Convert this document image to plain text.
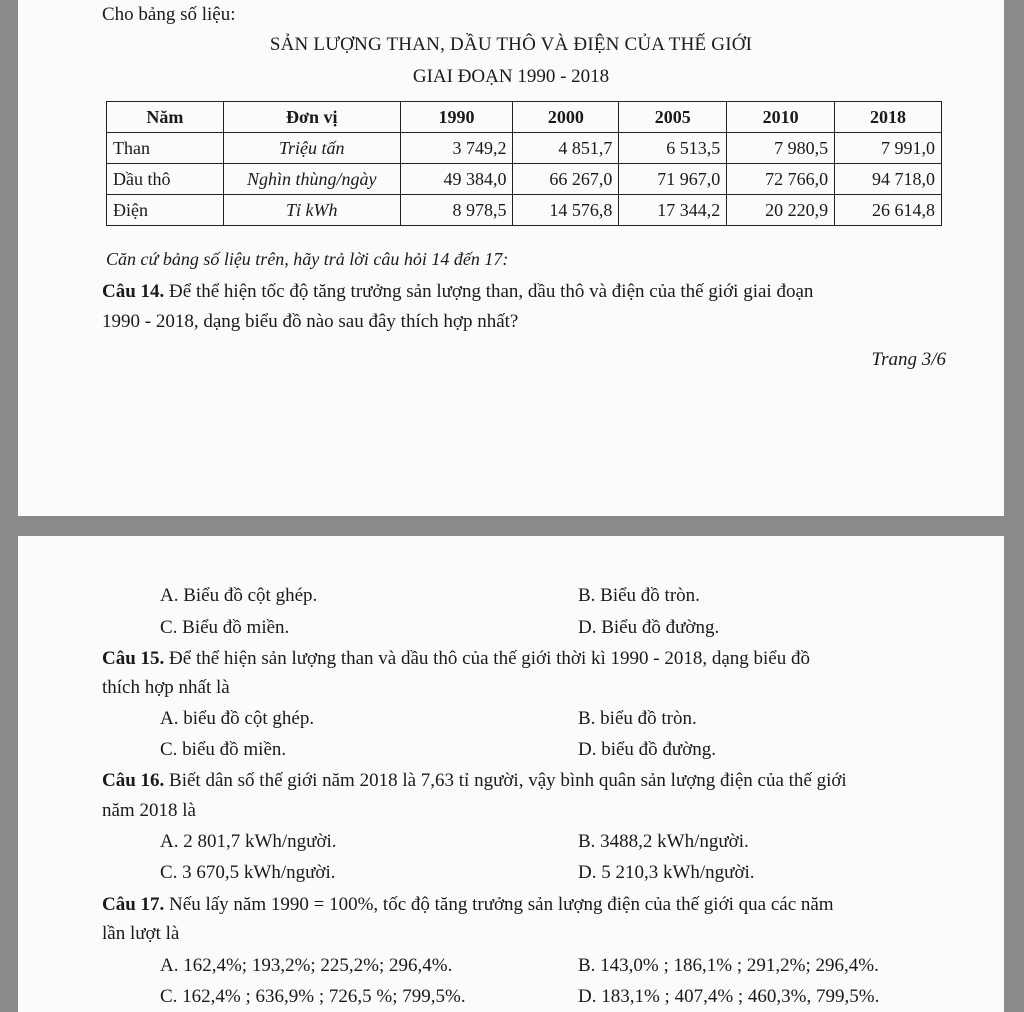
Cho bảng số liệu:
SẢN LƯỢNG THAN, DẦU THÔ VÀ ĐIỆN CỦA THẾ GIỚI
GIAI ĐOẠN 1990 - 2018
Năm	Đơn vị	1990	2000	2005	2010	2018
Than	Triệu tấn	3 749,2	4 851,7	6 513,5	7 980,5	7 991,0
Dầu thô	Nghìn thùng/ngày	49 384,0	66 267,0	71 967,0	72 766,0	94 718,0
Điện	Tỉ kWh	8 978,5	14 576,8	17 344,2	20 220,9	26 614,8
Căn cứ bảng số liệu trên, hãy trả lời câu hỏi 14 đến 17:
Câu 14. Để thể hiện tốc độ tăng trưởng sản lượng than, dầu thô và điện của thế giới giai đoạn
1990 - 2018, dạng biểu đồ nào sau đây thích hợp nhất?
Trang 3/6
A. Biểu đồ cột ghép.	B. Biểu đồ tròn.
C. Biểu đồ miền.	D. Biểu đồ đường.
Câu 15. Để thể hiện sản lượng than và dầu thô của thế giới thời kì 1990 - 2018, dạng biểu đồ
thích hợp nhất là
A. biểu đồ cột ghép.	B. biểu đồ tròn.
C. biểu đồ miền.	D. biểu đồ đường.
Câu 16. Biết dân số thế giới năm 2018 là 7,63 tỉ người, vậy bình quân sản lượng điện của thế giới
năm 2018 là
A. 2 801,7 kWh/người.	B. 3488,2 kWh/người.
C. 3 670,5 kWh/người.	D. 5 210,3 kWh/người.
Câu 17. Nếu lấy năm 1990 = 100%, tốc độ tăng trưởng sản lượng điện của thế giới qua các năm
lần lượt là
A. 162,4%; 193,2%; 225,2%; 296,4%.	B. 143,0% ; 186,1% ; 291,2%; 296,4%.
C. 162,4% ; 636,9% ; 726,5 %; 799,5%.	D. 183,1% ; 407,4% ; 460,3%, 799,5%.
